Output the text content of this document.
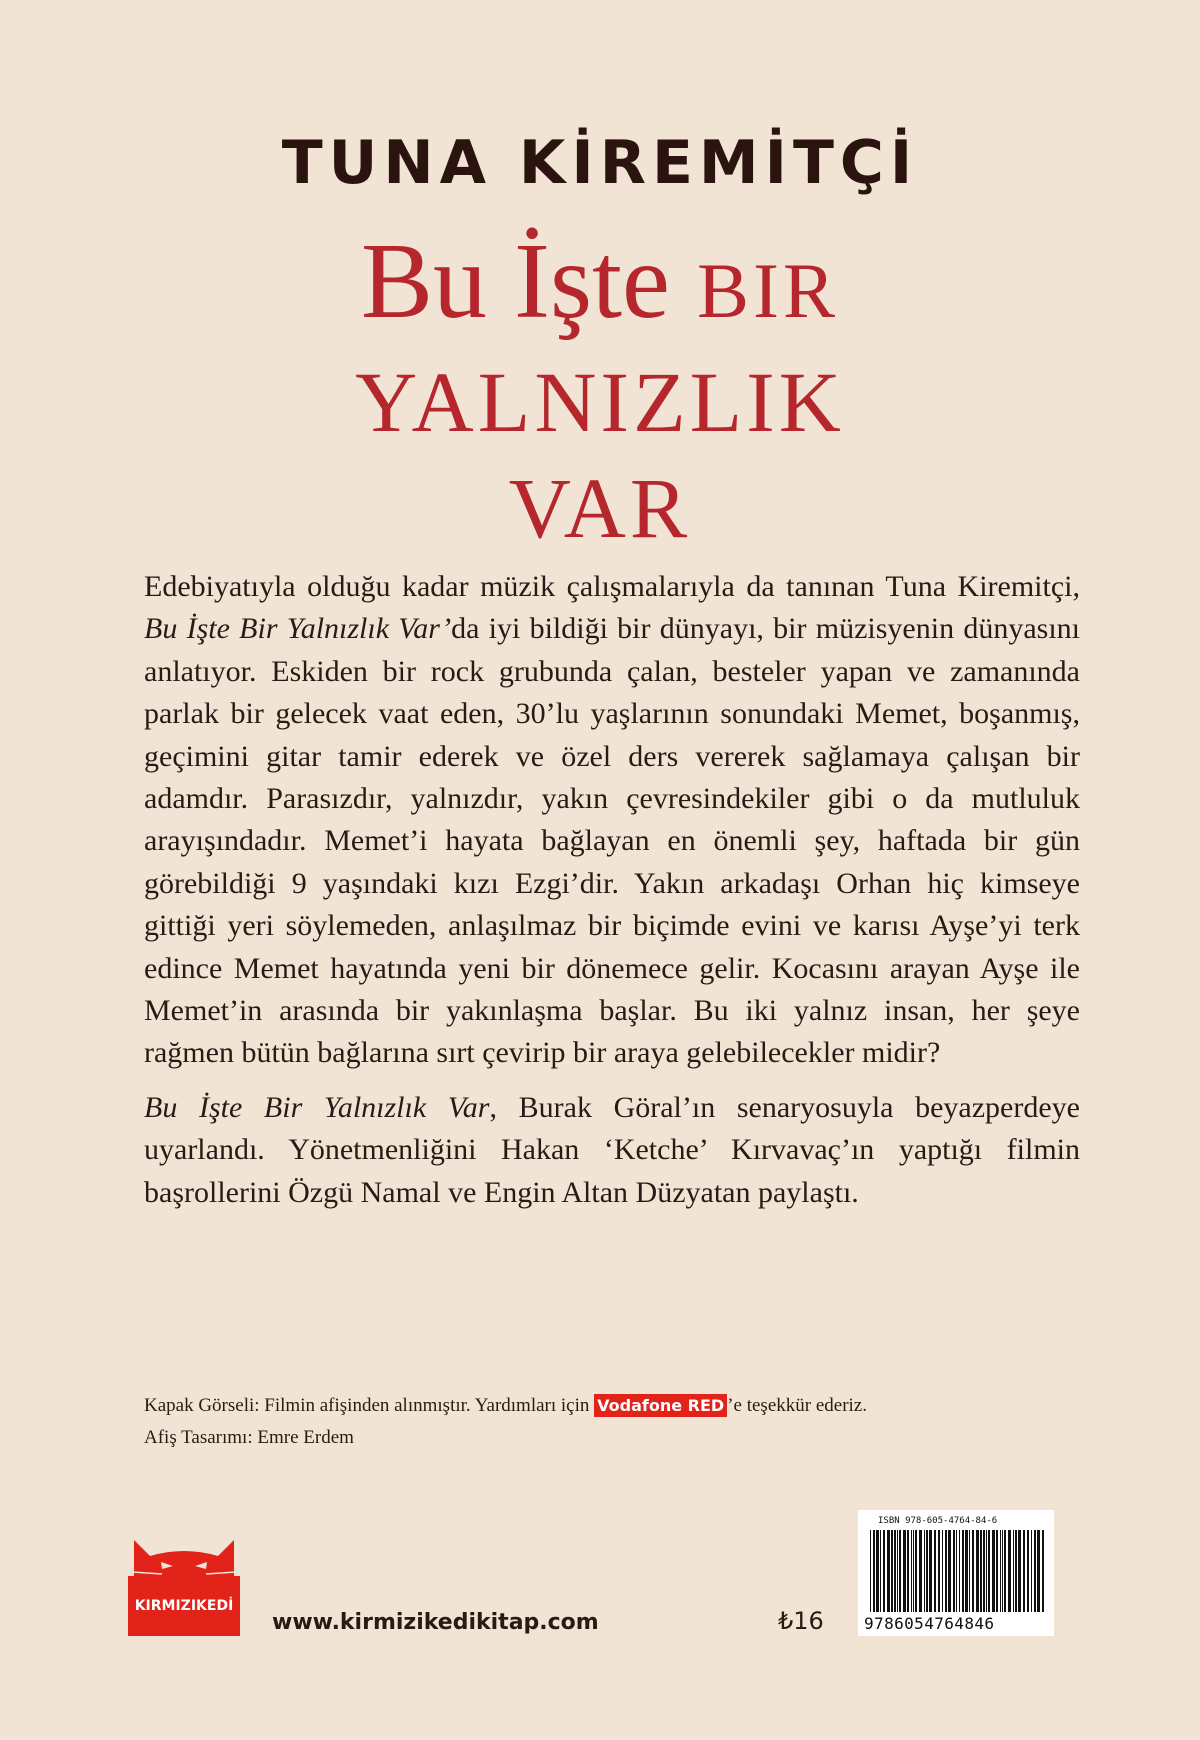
TUNA KİREMİTÇİ
Bu İşte BIR
YALNIZLIK
VAR

Edebiyatıyla olduğu kadar müzik çalışmalarıyla da tanınan Tuna Kiremitçi, Bu İşte Bir Yalnızlık Var’da iyi bildiği bir dünyayı, bir müzisyenin dünyasını anlatıyor. Eskiden bir rock grubunda çalan, besteler yapan ve zamanında parlak bir gelecek vaat eden, 30’lu yaşlarının sonundaki Memet, boşanmış, geçimini gitar tamir ederek ve özel ders vererek sağlamaya çalışan bir adamdır. Parasızdır, yalnızdır, yakın çevresindekiler gibi o da mutluluk arayışındadır. Memet’i hayata bağlayan en önemli şey, haftada bir gün görebildiği 9 yaşındaki kızı Ezgi’dir. Yakın arkadaşı Orhan hiç kimseye gittiği yeri söylemeden, anlaşılmaz bir biçimde evini ve karısı Ayşe’yi terk edince Memet hayatında yeni bir dönemece gelir. Kocasını arayan Ayşe ile Memet’in arasında bir yakınlaşma başlar. Bu iki yalnız insan, her şeye rağmen bütün bağlarına sırt çevirip bir araya gelebilecekler midir?

Bu İşte Bir Yalnızlık Var, Burak Göral’ın senaryosuyla beyazperdeye uyarlandı. Yönetmenliğini Hakan ‘Ketche’ Kırvavaç’ın yaptığı filmin başrollerini Özgü Namal ve Engin Altan Düzyatan paylaştı.

Kapak Görseli: Filmin afişinden alınmıştır. Yardımları için Vodafone RED ’e teşekkür ederiz.
Afiş Tasarımı: Emre Erdem
KIRMIZIKEDİ
www.kirmizikedikitap.com	₺16
ISBN 978-605-4764-84-6
9786054764846
